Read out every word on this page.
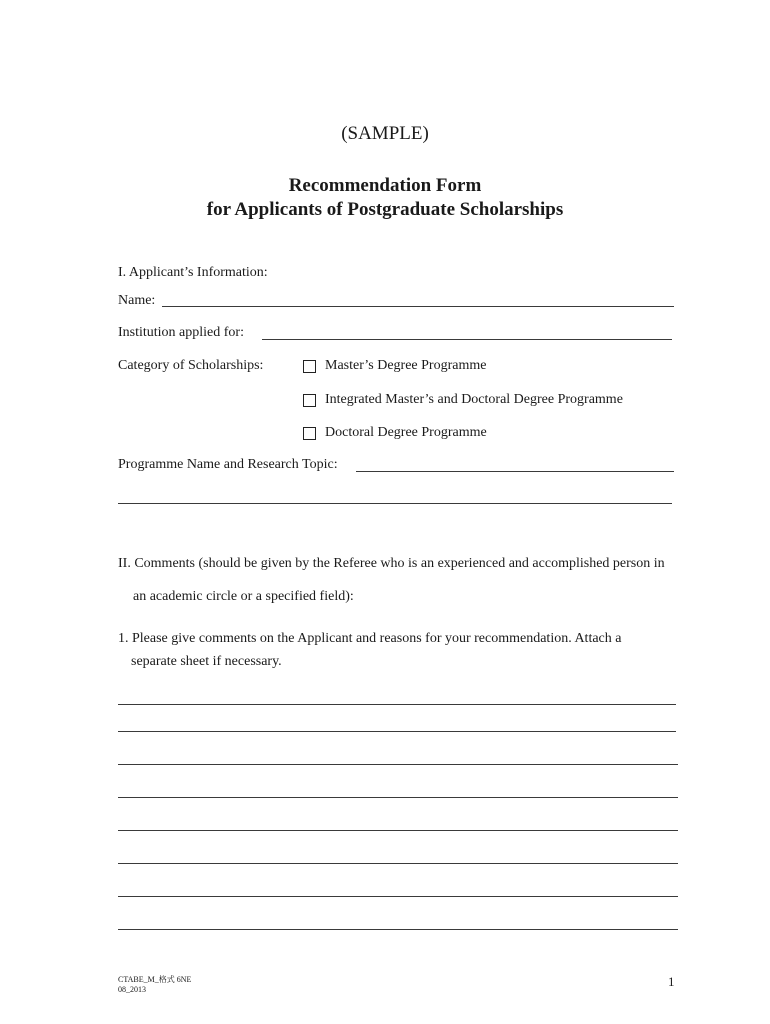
(SAMPLE)
Recommendation Form
for Applicants of Postgraduate Scholarships
I. Applicant’s Information:
Name:
Institution applied for:
Category of Scholarships:	Master’s Degree Programme
Integrated Master’s and Doctoral Degree Programme
Doctoral Degree Programme
Programme Name and Research Topic:
II. Comments (should be given by the Referee who is an experienced and accomplished person in
an academic circle or a specified field):
1. Please give comments on the Applicant and reasons for your recommendation. Attach a
separate sheet if necessary.
CTABE_M_格式 6NE
08_2013
1
